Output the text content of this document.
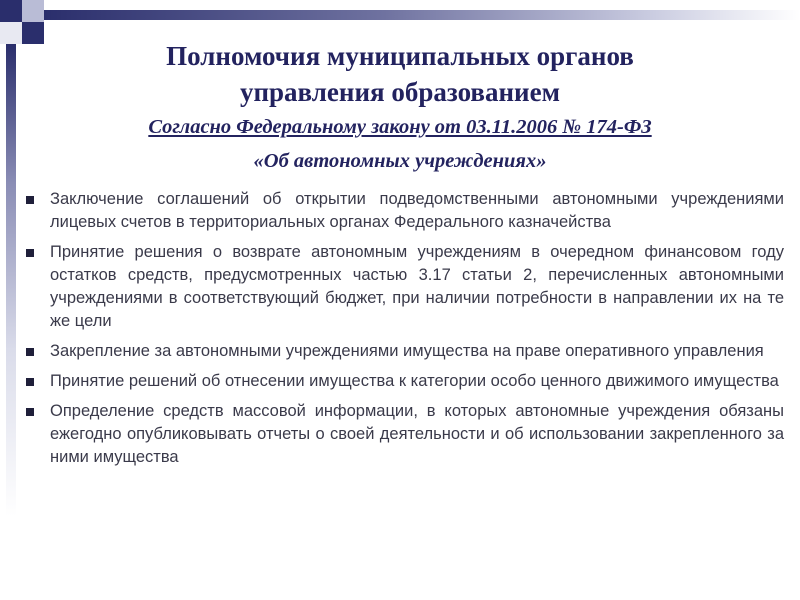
Полномочия муниципальных органов
управления образованием
Согласно Федеральному закону от 03.11.2006 № 174-ФЗ
«Об автономных учреждениях»
Заключение соглашений об открытии подведомственными автономными учреждениями лицевых счетов в территориальных органах Федерального казначейства
Принятие решения о возврате автономным учреждениям в очередном финансовом году остатков средств, предусмотренных частью 3.17 статьи 2, перечисленных автономными учреждениями в соответствующий бюджет, при наличии потребности в направлении их на те же цели
Закрепление за автономными учреждениями имущества на праве оперативного управления
Принятие решений об отнесении имущества к категории особо ценного движимого имущества
Определение средств массовой информации, в которых автономные учреждения обязаны ежегодно опубликовывать отчеты о своей деятельности и об использовании закрепленного за ними имущества
